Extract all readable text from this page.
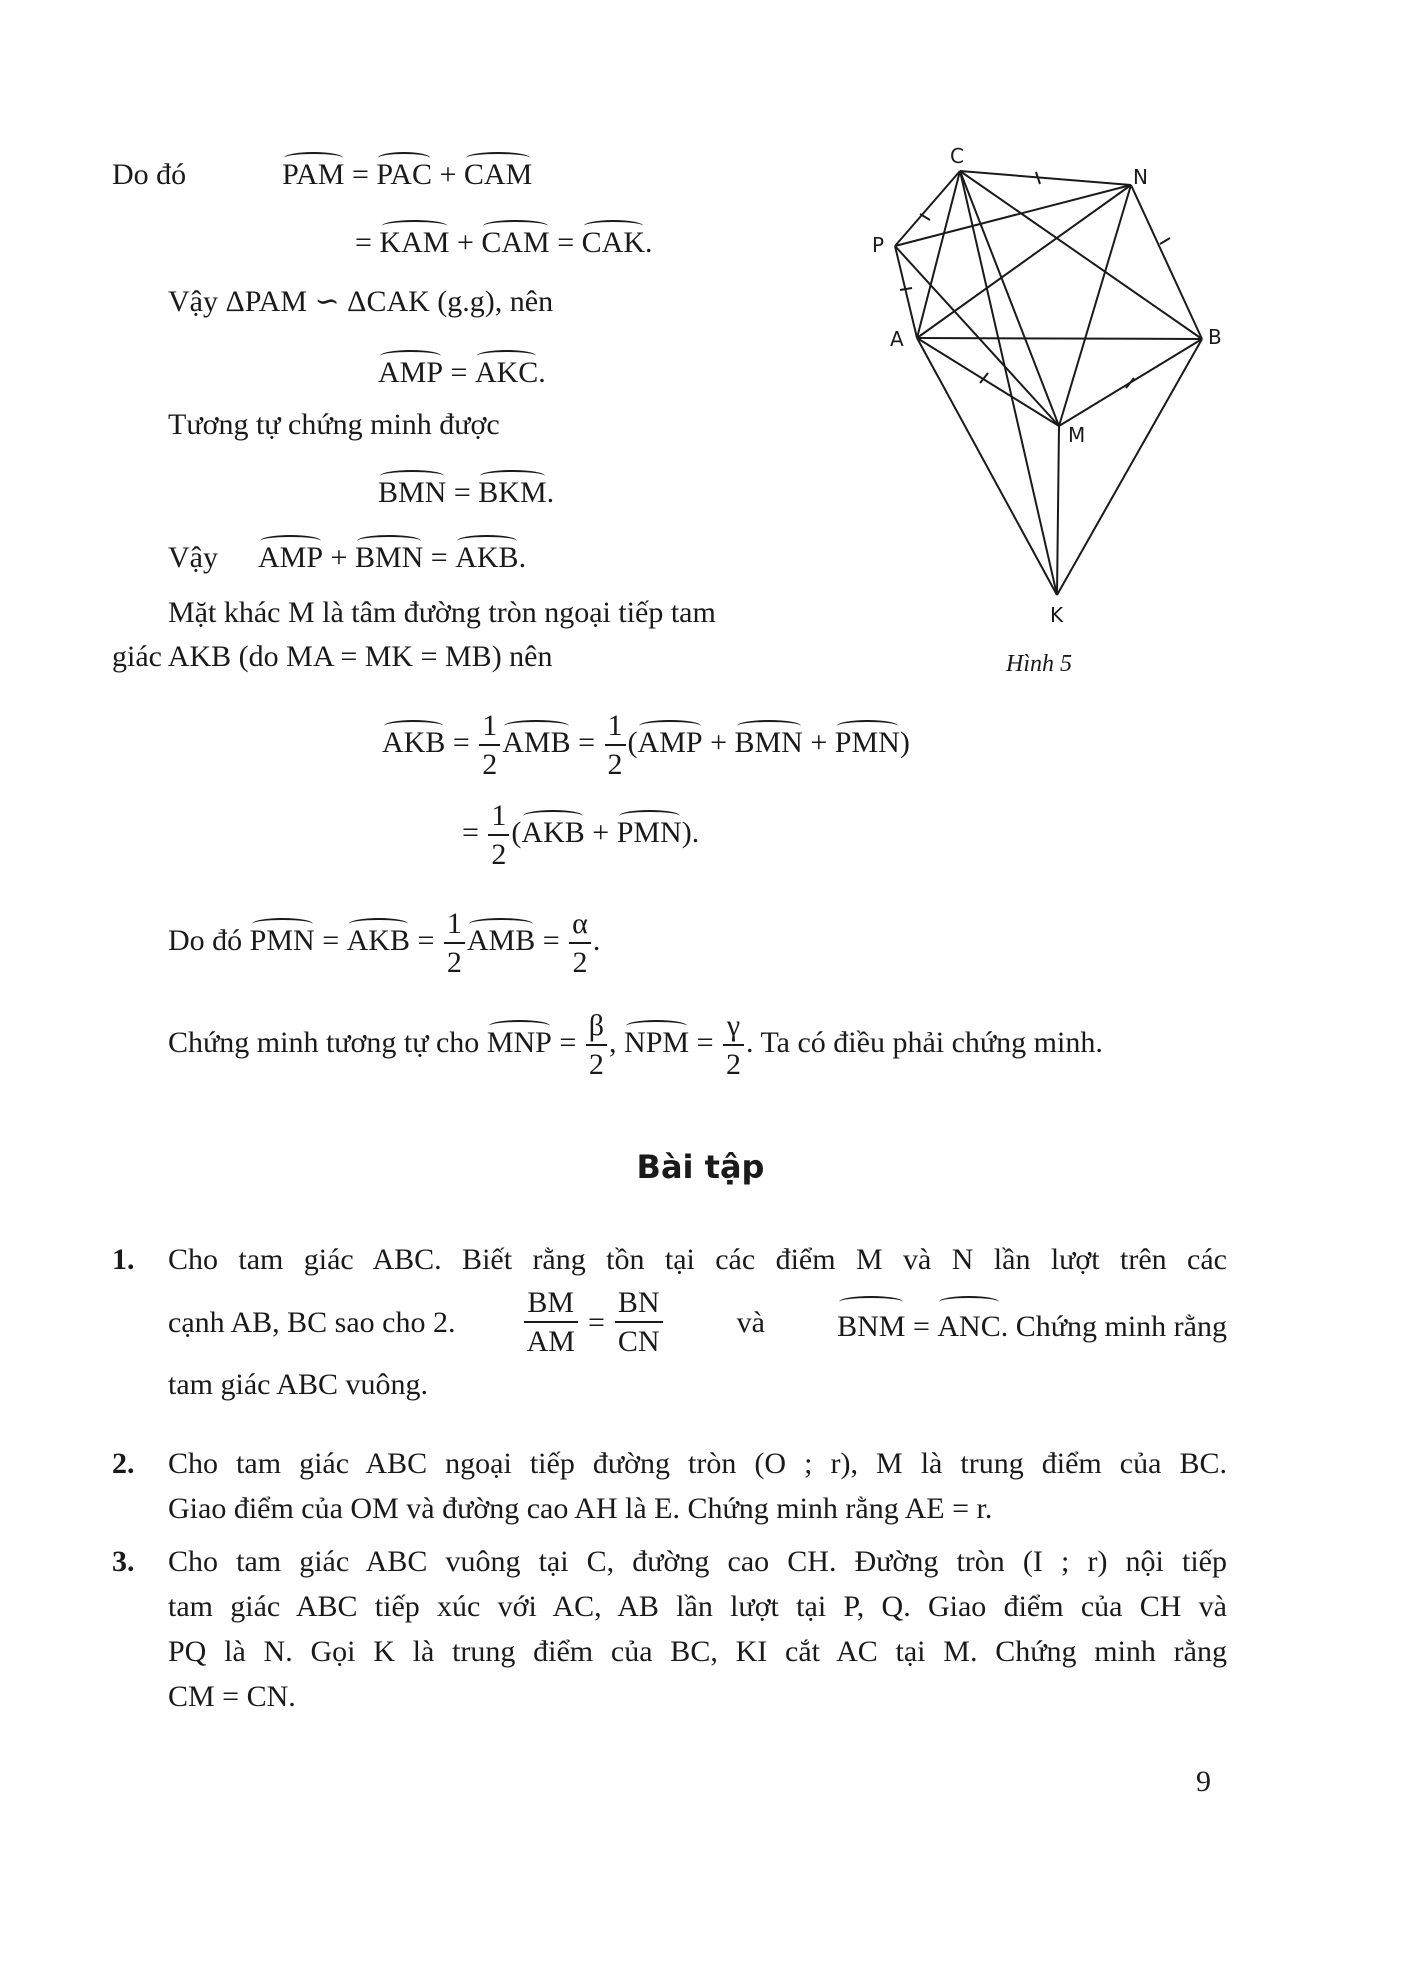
Do đó	PAM = PAC + CAM
= KAM + CAM = CAK.
Vậy ΔPAM ∽ ΔCAK (g.g), nên
AMP = AKC.
Tương tự chứng minh được
BMN = BKM.
Vậy AMP + BMN = AKB.
Mặt khác M là tâm đường tròn ngoại tiếp tam
giác AKB (do MA = MK = MB) nên
AKB = $\frac{1}{2}$ AMB = $\frac{1}{2} (AMP$ + BMN + PMN)
= $\frac{1}{2} (AKB + PMN)$.
Do đó PMN = AKB = $\frac{1}{2}$ AMB = $\frac{\alpha}{2}$ .
Chứng minh tương tự cho MNP = $\frac{\beta}{2}$ , NPM = $\frac{\gamma}{2}$ . Ta có điều phải chứng minh.
C
N
P
A	B
M
K
Hình 5
Bài tập
1. Cho tam giác ABC. Biết rằng tồn tại các điểm M và N lần lượt trên các
cạnh AB, BC sao cho 2. $\frac{BM}{AM} = \frac{BN}{CN}$ và BNM = ANC. Chứng minh rằng
tam giác ABC vuông.
2. Cho tam giác ABC ngoại tiếp đường tròn (O ; r), M là trung điểm của BC.
Giao điểm của OM và đường cao AH là E. Chứng minh rằng AE = r.
3. Cho tam giác ABC vuông tại C, đường cao CH. Đường tròn (I ; r) nội tiếp
tam giác ABC tiếp xúc với AC, AB lần lượt tại P, Q. Giao điểm của CH và
PQ là N. Gọi K là trung điểm của BC, KI cắt AC tại M. Chứng minh rằng
CM = CN.
9
